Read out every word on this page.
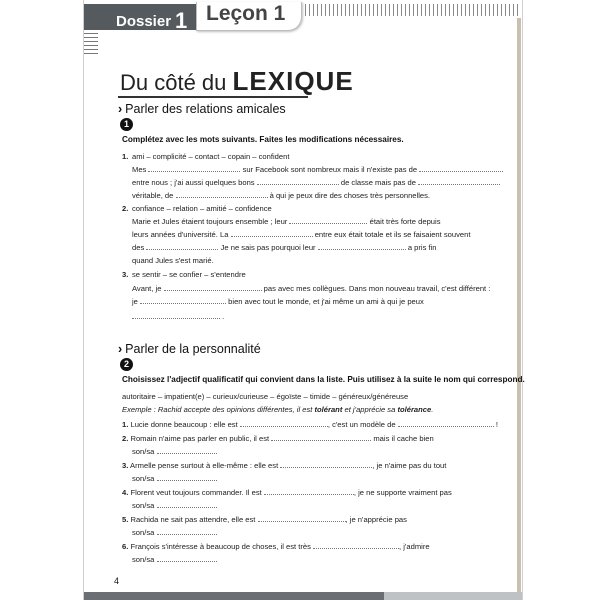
Dossier 1 Leçon 1
Du côté du LEXIQUE
› Parler des relations amicales
1
Complétez avec les mots suivants. Faites les modifications nécessaires.
1. ami – complicité – contact – copain – confident
Mes	sur Facebook sont nombreux mais il n'existe pas de
entre nous ; j'ai aussi quelques bons	de classe mais pas de
véritable, de	à qui je peux dire des choses très personnelles.
2. confiance – relation – amitié – confidence
Marie et Jules étaient toujours ensemble ; leur	était très forte depuis
leurs années d'université. La	entre eux était totale et ils se faisaient souvent
des	. Je ne sais pas pourquoi leur	a pris fin
quand Jules s'est marié.
3. se sentir – se confier – s'entendre
Avant, je	pas avec mes collègues. Dans mon nouveau travail, c'est différent :
je	bien avec tout le monde, et j'ai même un ami à qui je peux
.
› Parler de la personnalité
2
Choisissez l'adjectif qualificatif qui convient dans la liste. Puis utilisez à la suite le nom qui correspond.
autoritaire – impatient(e) – curieux/curieuse – égoïste – timide – généreux/généreuse
Exemple : Rachid accepte des opinions différentes, il est tolérant et j'apprécie sa tolérance.
1. Lucie donne beaucoup : elle est	, c'est un modèle de	!
2. Romain n'aime pas parler en public, il est	mais il cache bien
son/sa
3. Armelle pense surtout à elle-même : elle est	, je n'aime pas du tout
son/sa
4. Florent veut toujours commander. Il est	, je ne supporte vraiment pas
son/sa
5. Rachida ne sait pas attendre, elle est	, je n'apprécie pas
son/sa
6. François s'intéresse à beaucoup de choses, il est très	, j'admire
son/sa
4
